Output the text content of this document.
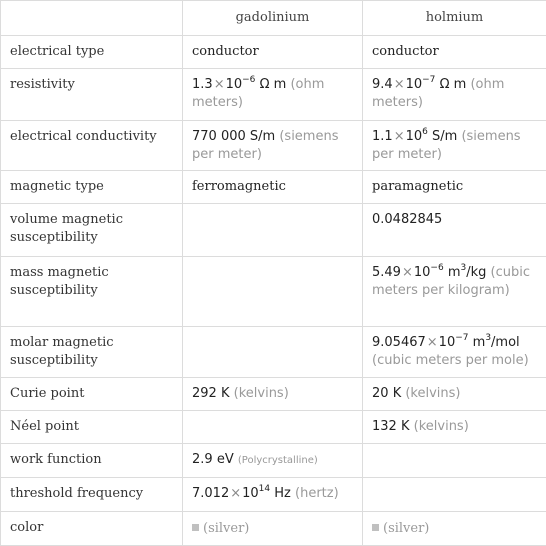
	gadolinium	holmium
electrical type	conductor	conductor
resistivity	$1.3\times 10^{-6}$ Ω m (ohm meters)	$9.4\times 10^{-7}$ Ω m (ohm meters)
electrical conductivity	770 000 S/m (siemens per meter)	$1.1\times 10^6$ S/m (siemens per meter)
magnetic type	ferromagnetic	paramagnetic
volume magnetic susceptibility		0.0482845
mass magnetic susceptibility		$5.49\times 10^{-6}$ $m^3/kg$ (cubic meters per kilogram)
molar magnetic susceptibility		$9.05467\times 10^{-7}$ $m^3$/mol (cubic meters per mole)
Curie point	292 K (kelvins)	20 K (kelvins)
Néel point		132 K (kelvins)
work function	2.9 eV (Polycrystalline)	
threshold frequency	$7.012\times 10^{14}$ Hz (hertz)	
color	(silver)	(silver)
